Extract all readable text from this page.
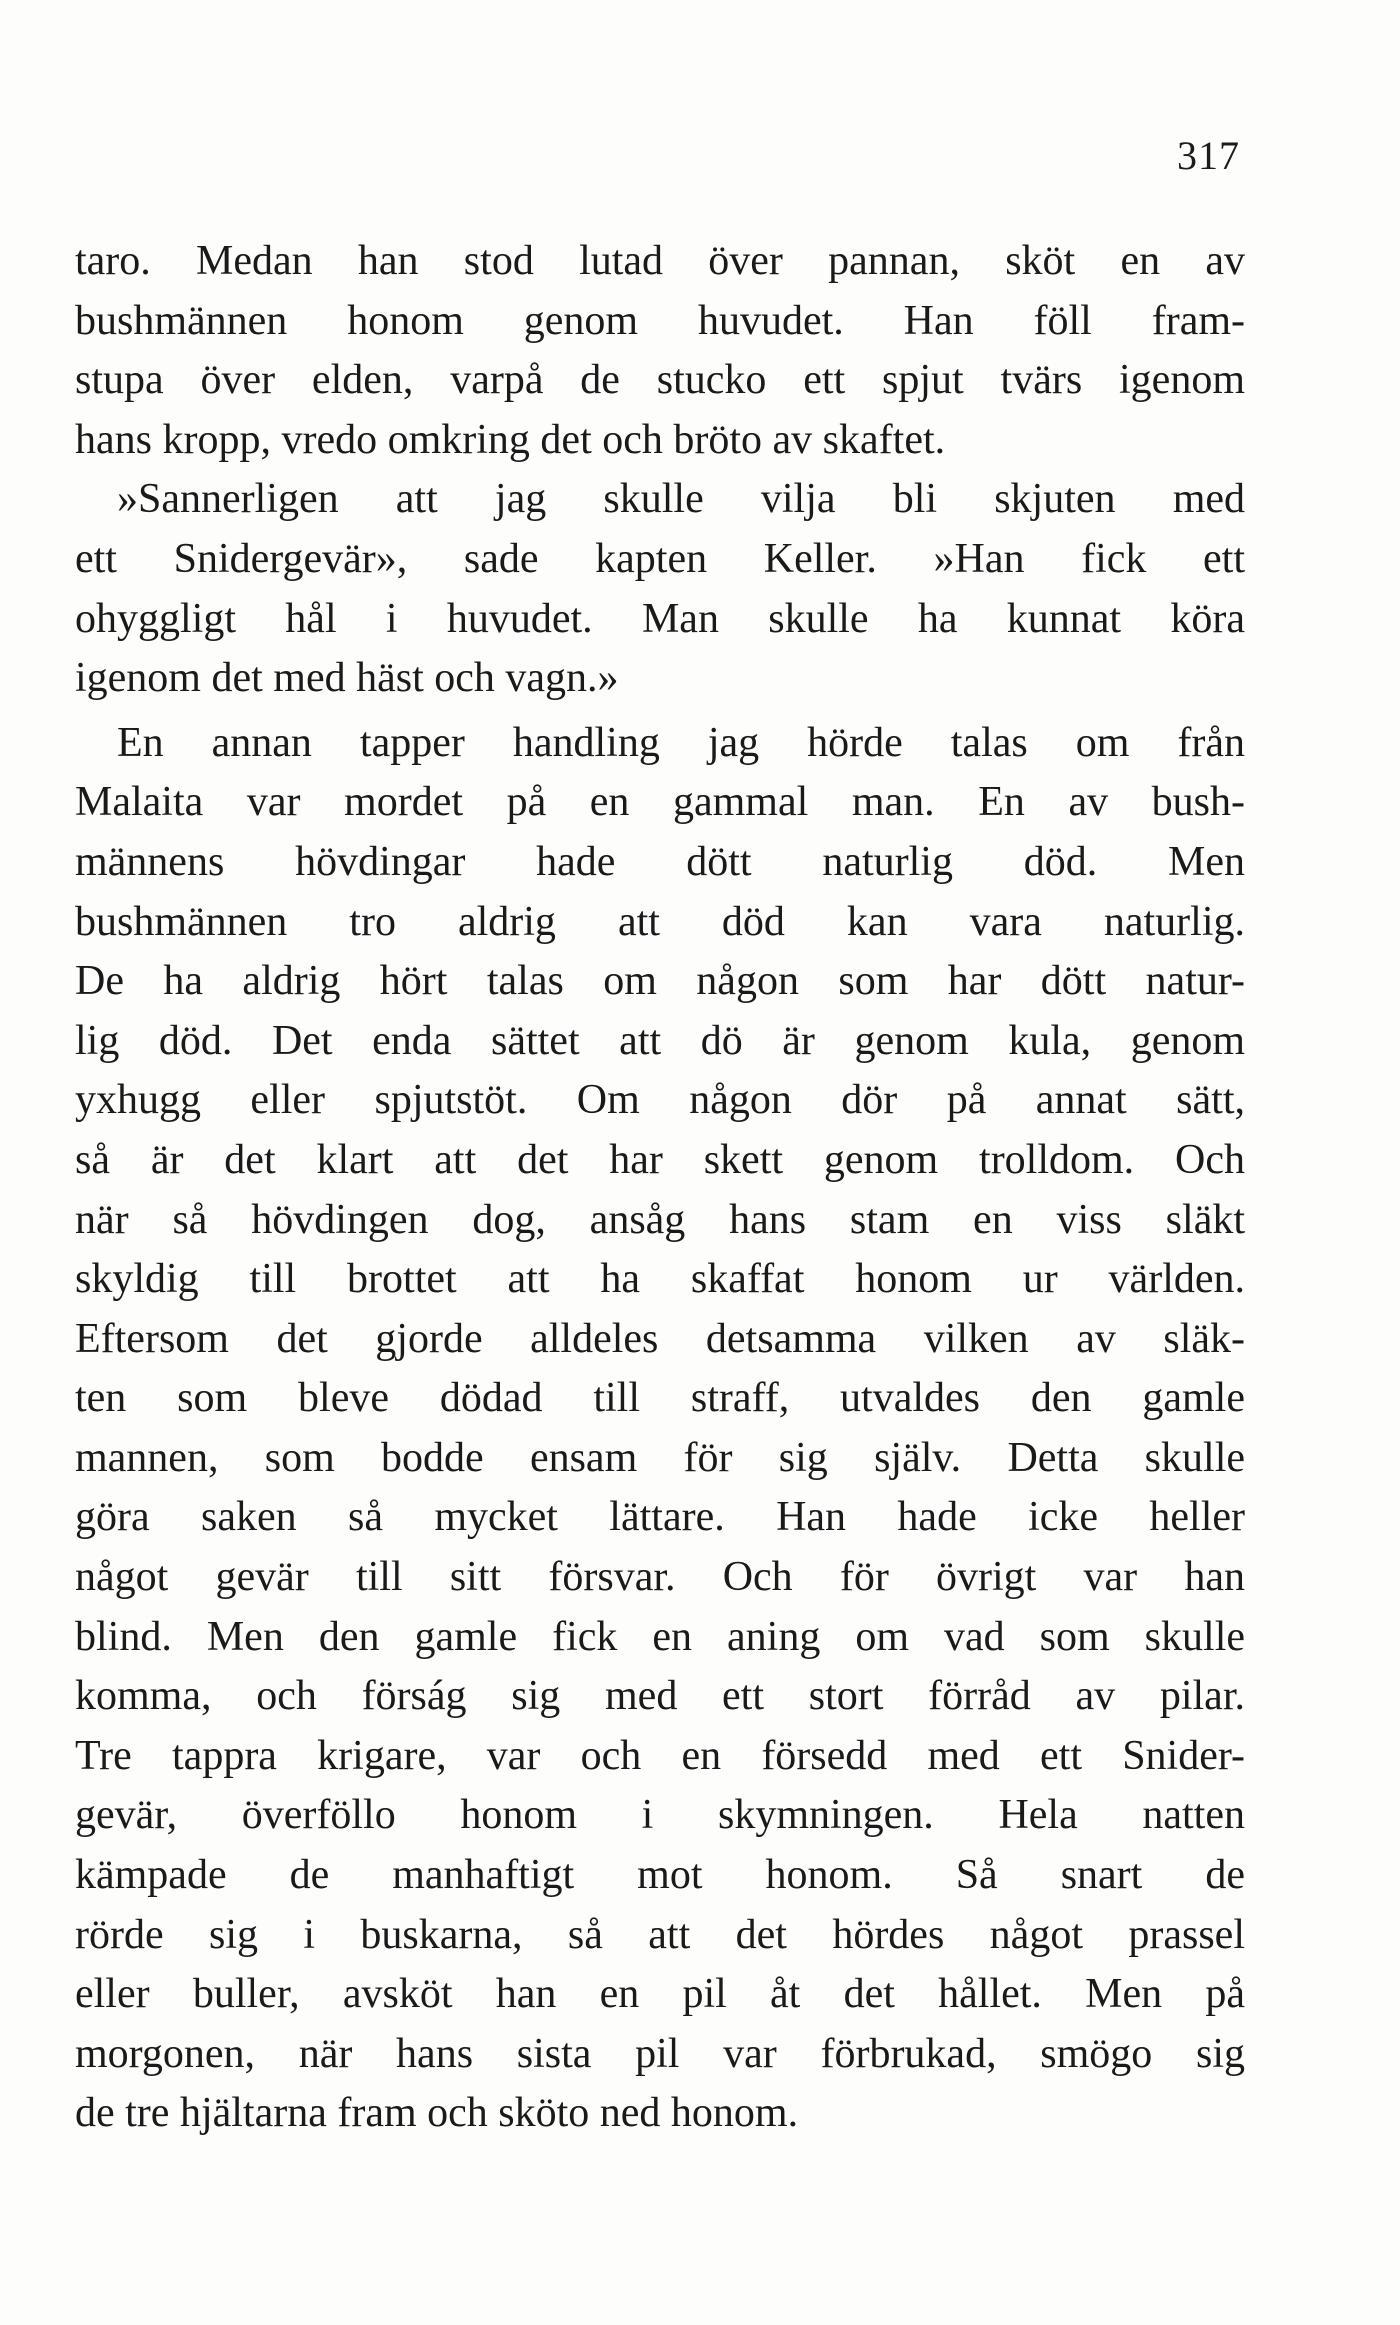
317
taro. Medan han stod lutad över pannan, sköt en av
bushmännen honom genom huvudet. Han föll fram-
stupa över elden, varpå de stucko ett spjut tvärs igenom
hans kropp, vredo omkring det och bröto av skaftet.
»Sannerligen att jag skulle vilja bli skjuten med
ett Snidergevär», sade kapten Keller. »Han fick ett
ohyggligt hål i huvudet. Man skulle ha kunnat köra
igenom det med häst och vagn.»
En annan tapper handling jag hörde talas om från
Malaita var mordet på en gammal man. En av bush-
männens hövdingar hade dött naturlig död. Men
bushmännen tro aldrig att död kan vara naturlig.
De ha aldrig hört talas om någon som har dött natur-
lig död. Det enda sättet att dö är genom kula, genom
yxhugg eller spjutstöt. Om någon dör på annat sätt,
så är det klart att det har skett genom trolldom. Och
när så hövdingen dog, ansåg hans stam en viss släkt
skyldig till brottet att ha skaffat honom ur världen.
Eftersom det gjorde alldeles detsamma vilken av släk-
ten som bleve dödad till straff, utvaldes den gamle
mannen, som bodde ensam för sig själv. Detta skulle
göra saken så mycket lättare. Han hade icke heller
något gevär till sitt försvar. Och för övrigt var han
blind. Men den gamle fick en aning om vad som skulle
komma, och förság sig med ett stort förråd av pilar.
Tre tappra krigare, var och en försedd med ett Snider-
gevär, överföllo honom i skymningen. Hela natten
kämpade de manhaftigt mot honom. Så snart de
rörde sig i buskarna, så att det hördes något prassel
eller buller, avsköt han en pil åt det hållet. Men på
morgonen, när hans sista pil var förbrukad, smögo sig
de tre hjältarna fram och sköto ned honom.
